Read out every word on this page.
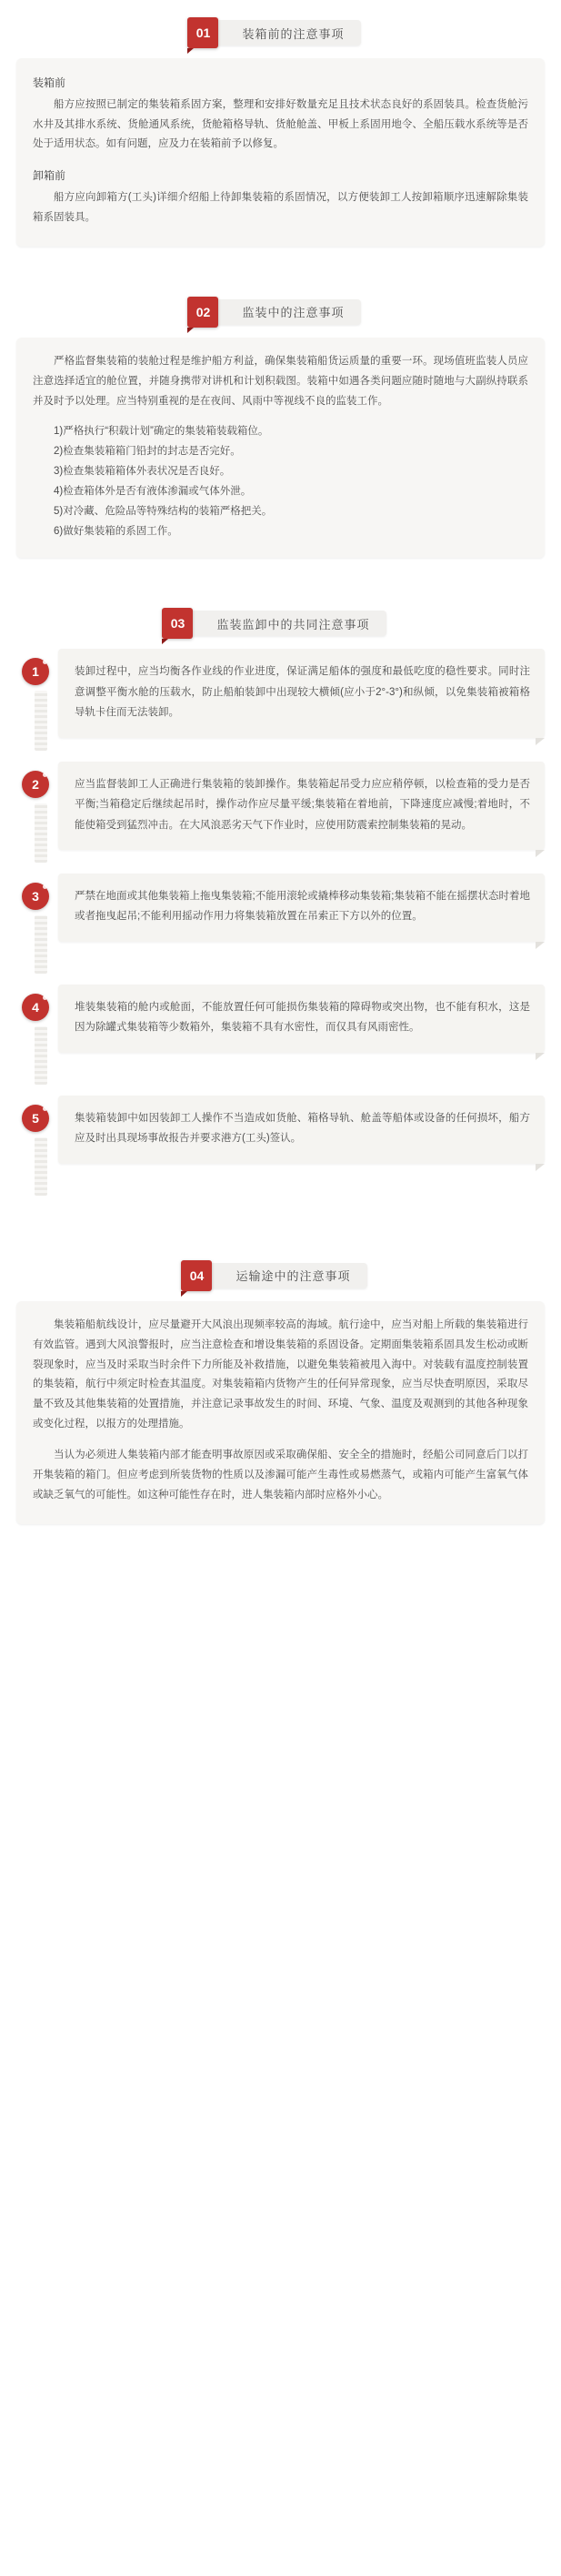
01	装箱前的注意事项
装箱前

船方应按照已制定的集装箱系固方案，整理和安排好数量充足且技术状态良好的系固装具。检查货舱污水井及其排水系统、货舱通风系统，货舱箱格导轨、货舱舱盖、甲板上系固用地令、全船压载水系统等是否处于适用状态。如有问题，应及力在装箱前予以修复。

卸箱前

船方应向卸箱方(工头)详细介绍船上待卸集装箱的系固情况，以方便装卸工人按卸箱顺序迅速解除集装箱系固装具。

02	监装中的注意事项

严格监督集装箱的装舱过程是维护船方利益，确保集装箱船货运质量的重要一环。现场值班监装人员应注意选择适宜的舱位置，并随身携带对讲机和计划积载图。装箱中如遇各类问题应随时随地与大副纵持联系并及时予以处理。应当特别重视的是在夜间、风雨中等视线不良的监装工作。

1)严格执行“积载计划”确定的集装箱装载箱位。

2)检查集装箱箱门铅封的封志是否完好。

3)检查集装箱箱体外表状况是否良好。

4)检查箱体外是否有液体渗漏或气体外泄。

5)对冷藏、危险品等特殊结构的装箱严格把关。

6)做好集装箱的系固工作。

03	监装监卸中的共同注意事项
1	装卸过程中，应当均衡各作业线的作业进度，保证满足船体的强度和最低吃度的稳性要求。同时注意调整平衡水舱的压载水，防止船舶装卸中出现较大横倾(应小于2°-3°)和纵倾，以免集装箱被箱格导轨卡住而无法装卸。
2	应当监督装卸工人正确进行集装箱的装卸操作。集装箱起吊受力应应稍停顿，以检查箱的受力是否平衡;当箱稳定后继续起吊时，操作动作应尽量平缓;集装箱在着地前，下降速度应减慢;着地时，不能使箱受到猛烈冲击。在大风浪恶劣天气下作业时，应使用防震索控制集装箱的晃动。
3	严禁在地面或其他集装箱上拖曳集装箱;不能用滚轮或撬棒移动集装箱;集装箱不能在摇摆状态时着地或者拖曳起吊;不能利用摇动作用力将集装箱放置在吊索正下方以外的位置。
4	堆装集装箱的舱内或舱面，不能放置任何可能损伤集装箱的障碍物或突出物，也不能有积水，这是因为除罐式集装箱等少数箱外，集装箱不具有水密性，而仅具有风雨密性。
5	集装箱装卸中如因装卸工人操作不当造成如货舱、箱格导轨、舱盖等船体或设备的任何损坏，船方应及时出具现场事故报告并要求港方(工头)签认。
04	运输途中的注意事项

集装箱船航线设计，应尽量避开大风浪出现频率较高的海域。航行途中，应当对船上所载的集装箱进行有效监管。遇到大风浪警报时，应当注意检查和增设集装箱的系固设备。定期面集装箱系固具发生松动或断裂现象时，应当及时采取当时余件下力所能及补救措施，以避免集装箱被甩入海中。对装载有温度控制装置的集装箱，航行中须定时检查其温度。对集装箱箱内货物产生的任何异常现象，应当尽快查明原因，采取尽量不致及其他集装箱的处置措施，并注意记录事故发生的时间、环境、气象、温度及观测到的其他各种现象或变化过程，以报方的处理措施。

当认为必须进人集装箱内部才能查明事故原因或采取确保船、安全全的措施时，经船公司同意后门以打开集装箱的箱门。但应考虑到所装货物的性质以及渗漏可能产生毒性或易燃蒸气，或箱内可能产生富氧气体或缺乏氧气的可能性。如这种可能性存在时，进人集装箱内部时应格外小心。
